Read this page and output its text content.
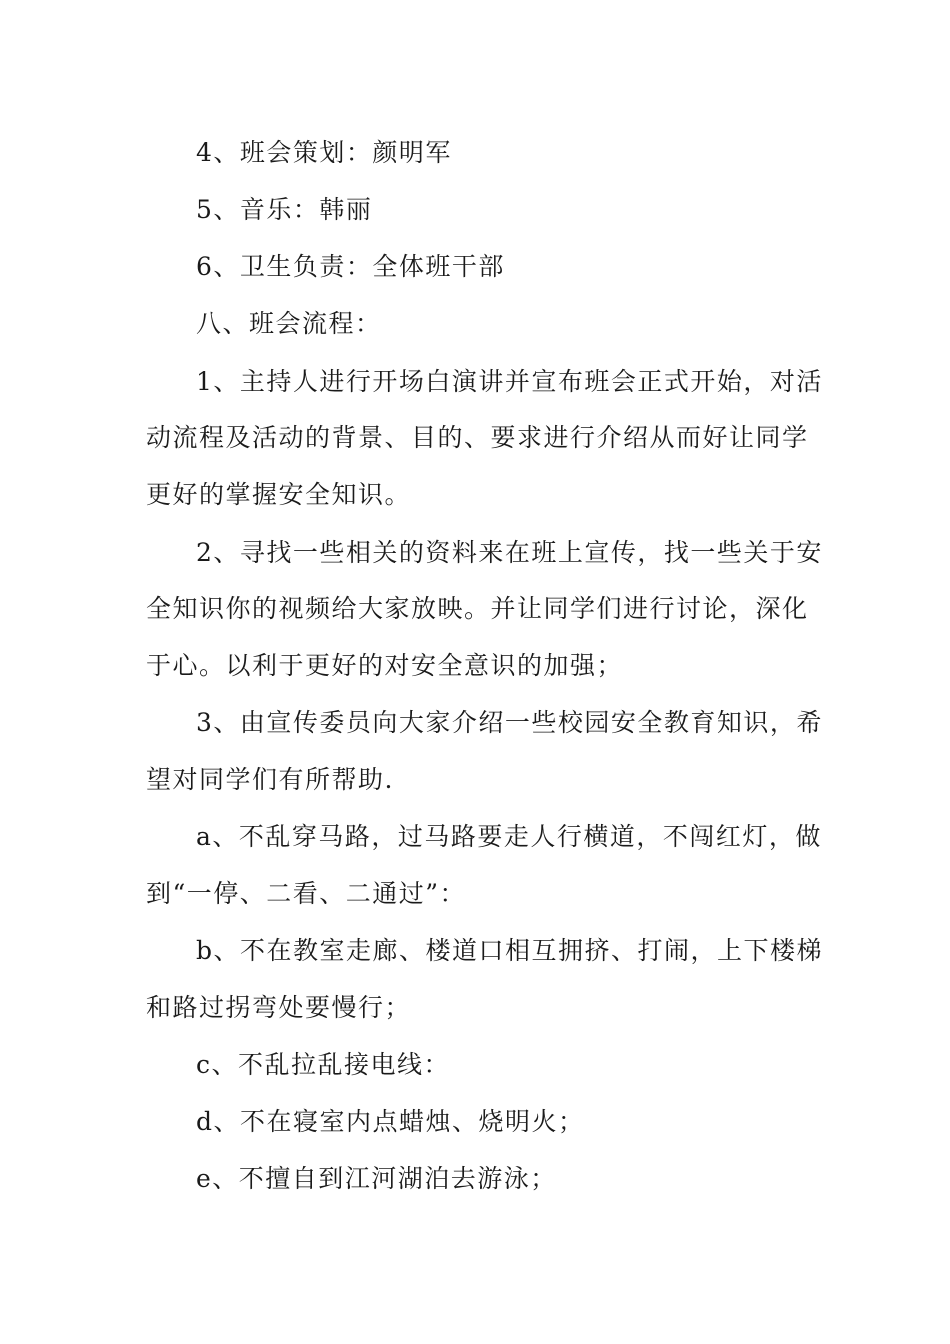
4、班会策划：颜明军
5、音乐：韩丽
6、卫生负责：全体班干部
八、班会流程：
1、主持人进行开场白演讲并宣布班会正式开始，对活
动流程及活动的背景、目的、要求进行介绍从而好让同学
更好的掌握安全知识。
2、寻找一些相关的资料来在班上宣传，找一些关于安
全知识你的视频给大家放映。并让同学们进行讨论，深化
于心。以利于更好的对安全意识的加强；
3、由宣传委员向大家介绍一些校园安全教育知识，希
望对同学们有所帮助.
a、不乱穿马路，过马路要走人行横道，不闯红灯，做
到“一停、二看、二通过”：
b、不在教室走廊、楼道口相互拥挤、打闹，上下楼梯
和路过拐弯处要慢行；
c、不乱拉乱接电线：
d、不在寝室内点蜡烛、烧明火；
e、不擅自到江河湖泊去游泳；
